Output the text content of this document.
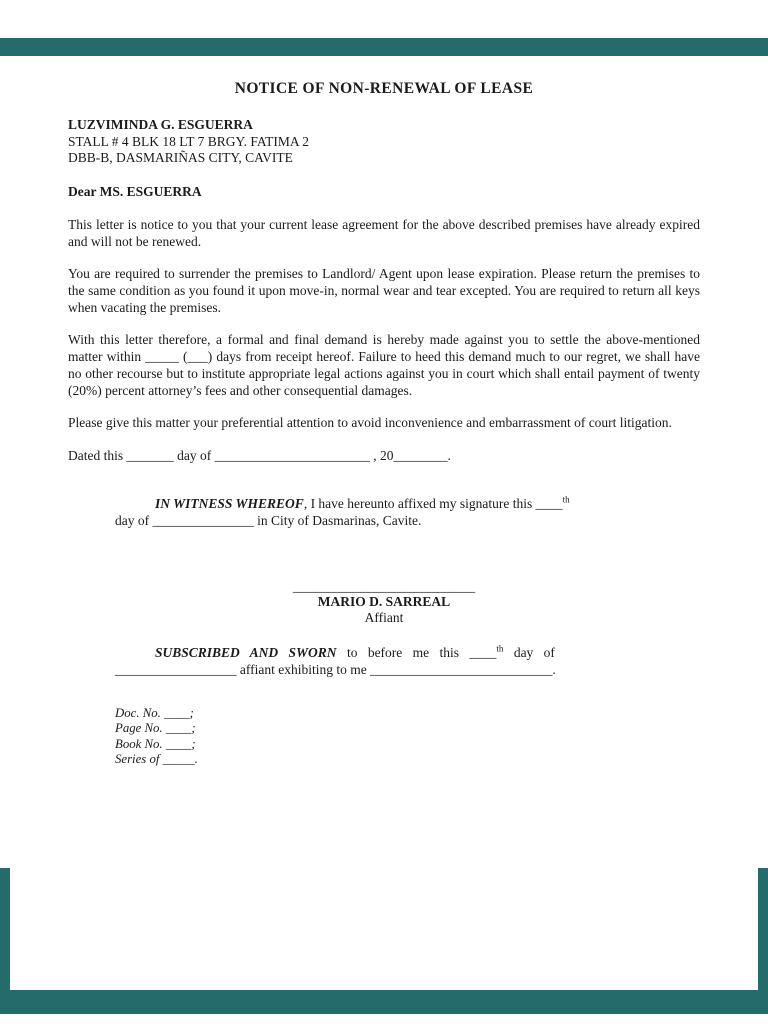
NOTICE OF NON-RENEWAL OF LEASE
LUZVIMINDA G. ESGUERRA
STALL # 4 BLK 18 LT 7 BRGY. FATIMA 2
DBB-B, DASMARIÑAS CITY, CAVITE

Dear MS. ESGUERRA

This letter is notice to you that your current lease agreement for the above described premises have already expired and will not be renewed.

You are required to surrender the premises to Landlord/ Agent upon lease expiration. Please return the premises to the same condition as you found it upon move-in, normal wear and tear excepted. You are required to return all keys when vacating the premises.

With this letter therefore, a formal and final demand is hereby made against you to settle the above-mentioned matter within _____ (___) days from receipt hereof. Failure to heed this demand much to our regret, we shall have no other recourse but to institute appropriate legal actions against you in court which shall entail payment of twenty (20%) percent attorney’s fees and other consequential damages.

Please give this matter your preferential attention to avoid inconvenience and embarrassment of court litigation.

Dated this _______ day of _______________________ , 20________.

IN WITNESS WHEREOF, I have hereunto affixed my signature this ____$^{th}$
day of _______________ in City of Dasmarinas, Cavite.

___________________________
MARIO D. SARREAL
Affiant

SUBSCRIBED AND SWORN to before me this ____$^{th}$ day of
__________________ affiant exhibiting to me ___________________________.

Doc. No. ____;
Page No. ____;
Book No. ____;
Series of _____.
